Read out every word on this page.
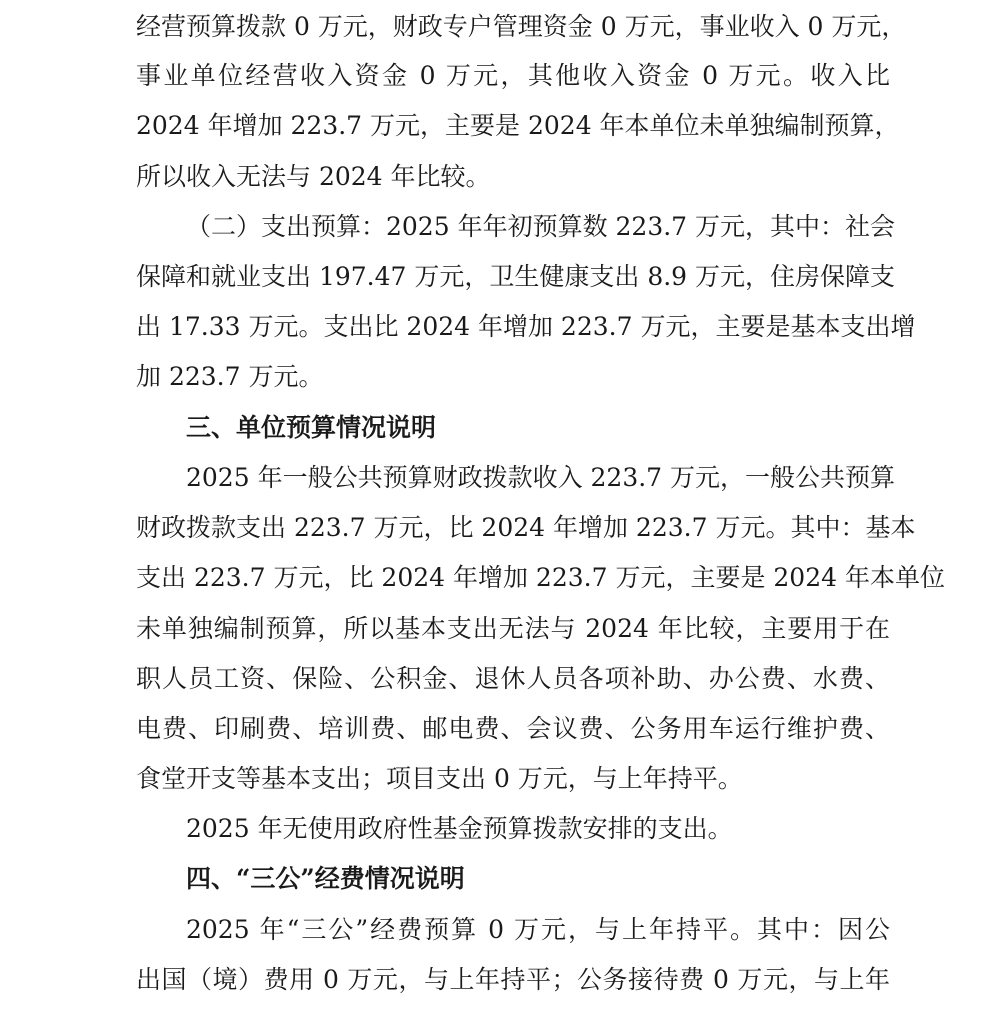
经营预算拨款 0 万元，财政专户管理资金 0 万元，事业收入 0 万元，
事业单位经营收入资金 0 万元，其他收入资金 0 万元。收入比
2024 年增加 223.7 万元，主要是 2024 年本单位未单独编制预算，
所以收入无法与 2024 年比较。
（二）支出预算：2025 年年初预算数 223.7 万元，其中：社会
保障和就业支出 197.47 万元，卫生健康支出 8.9 万元，住房保障支
出 17.33 万元。支出比 2024 年增加 223.7 万元，主要是基本支出增
加 223.7 万元。
三、单位预算情况说明
2025 年一般公共预算财政拨款收入 223.7 万元，一般公共预算
财政拨款支出 223.7 万元，比 2024 年增加 223.7 万元。其中：基本
支出 223.7 万元，比 2024 年增加 223.7 万元，主要是 2024 年本单位
未单独编制预算，所以基本支出无法与 2024 年比较，主要用于在
职人员工资、保险、公积金、退休人员各项补助、办公费、水费、
电费、印刷费、培训费、邮电费、会议费、公务用车运行维护费、
食堂开支等基本支出；项目支出 0 万元，与上年持平。
2025 年无使用政府性基金预算拨款安排的支出。
四、“三公”经费情况说明
2025 年“三公”经费预算 0 万元，与上年持平。其中：因公
出国（境）费用 0 万元，与上年持平；公务接待费 0 万元，与上年
